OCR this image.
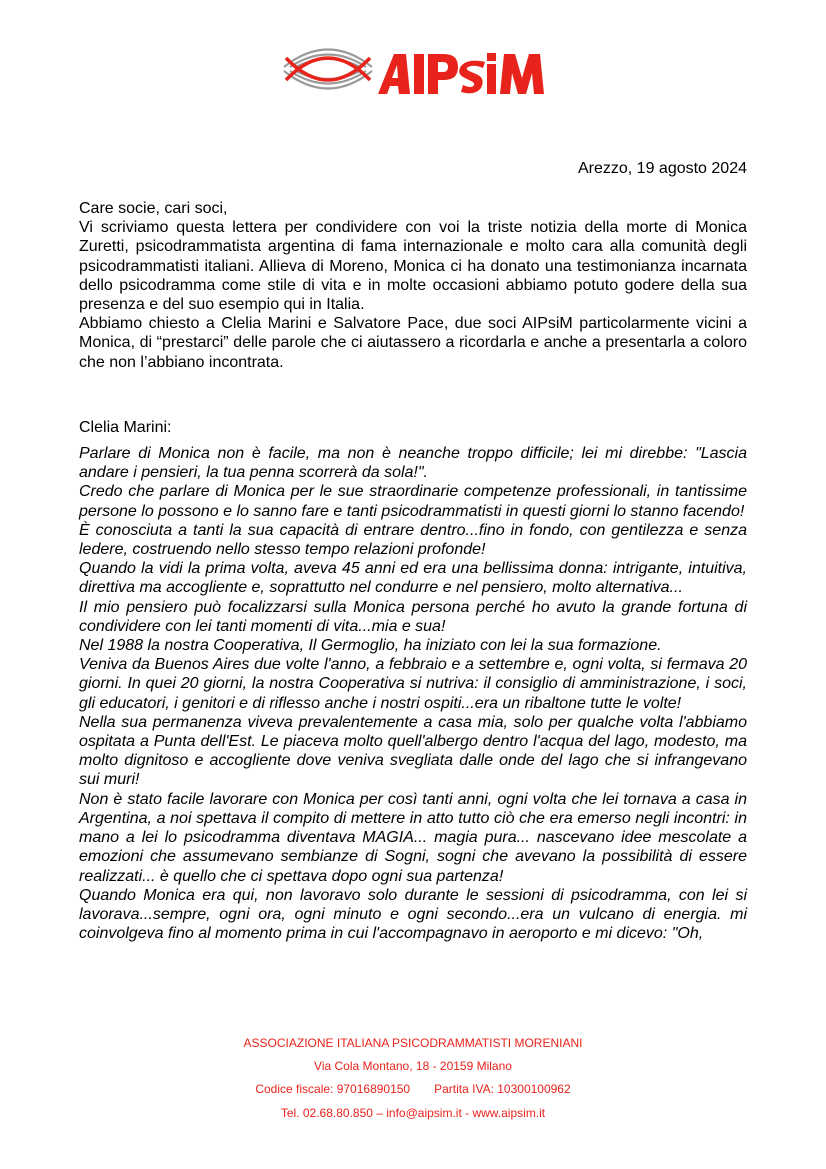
Arezzo, 19 agosto 2024

Care socie, cari soci,

Vi scriviamo questa lettera per condividere con voi la triste notizia della morte di Monica Zuretti, psicodrammatista argentina di fama internazionale e molto cara alla comunità degli psicodrammatisti italiani. Allieva di Moreno, Monica ci ha donato una testimonianza incarnata dello psicodramma come stile di vita e in molte occasioni abbiamo potuto godere della sua presenza e del suo esempio qui in Italia.

Abbiamo chiesto a Clelia Marini e Salvatore Pace, due soci AIPsiM particolarmente vicini a Monica, di “prestarci” delle parole che ci aiutassero a ricordarla e anche a presentarla a coloro che non l’abbiano incontrata.

Clelia Marini:

Parlare di Monica non è facile, ma non è neanche troppo difficile; lei mi direbbe: "Lascia andare i pensieri, la tua penna scorrerà da sola!".

Credo che parlare di Monica per le sue straordinarie competenze professionali, in tantissime persone lo possono e lo sanno fare e tanti psicodrammatisti in questi giorni lo stanno facendo!

È conosciuta a tanti la sua capacità di entrare dentro...fino in fondo, con gentilezza e senza ledere, costruendo nello stesso tempo relazioni profonde!

Quando la vidi la prima volta, aveva 45 anni ed era una bellissima donna: intrigante, intuitiva, direttiva ma accogliente e, soprattutto nel condurre e nel pensiero, molto alternativa...

Il mio pensiero può focalizzarsi sulla Monica persona perché ho avuto la grande fortuna di condividere con lei tanti momenti di vita...mia e sua!

Nel 1988 la nostra Cooperativa, Il Germoglio, ha iniziato con lei la sua formazione.

Veniva da Buenos Aires due volte l'anno, a febbraio e a settembre e, ogni volta, si fermava 20 giorni. In quei 20 giorni, la nostra Cooperativa si nutriva: il consiglio di amministrazione, i soci, gli educatori, i genitori e di riflesso anche i nostri ospiti...era un ribaltone tutte le volte!

Nella sua permanenza viveva prevalentemente a casa mia, solo per qualche volta l'abbiamo ospitata a Punta dell'Est. Le piaceva molto quell'albergo dentro l'acqua del lago, modesto, ma molto dignitoso e accogliente dove veniva svegliata dalle onde del lago che si infrangevano sui muri!

Non è stato facile lavorare con Monica per così tanti anni, ogni volta che lei tornava a casa in Argentina, a noi spettava il compito di mettere in atto tutto ciò che era emerso negli incontri: in mano a lei lo psicodramma diventava MAGIA... magia pura... nascevano idee mescolate a emozioni che assumevano sembianze di Sogni, sogni che avevano la possibilità di essere realizzati... è quello che ci spettava dopo ogni sua partenza!

Quando Monica era qui, non lavoravo solo durante le sessioni di psicodramma, con lei si lavorava...sempre, ogni ora, ogni minuto e ogni secondo...era un vulcano di energia. mi coinvolgeva fino al momento prima in cui l'accompagnavo in aeroporto e mi dicevo: "Oh,

ASSOCIAZIONE ITALIANA PSICODRAMMATISTI MORENIANI
Via Cola Montano, 18 - 20159 Milano
Codice fiscale: 97016890150 Partita IVA: 10300100962
Tel. 02.68.80.850 – info@aipsim.it - www.aipsim.it
